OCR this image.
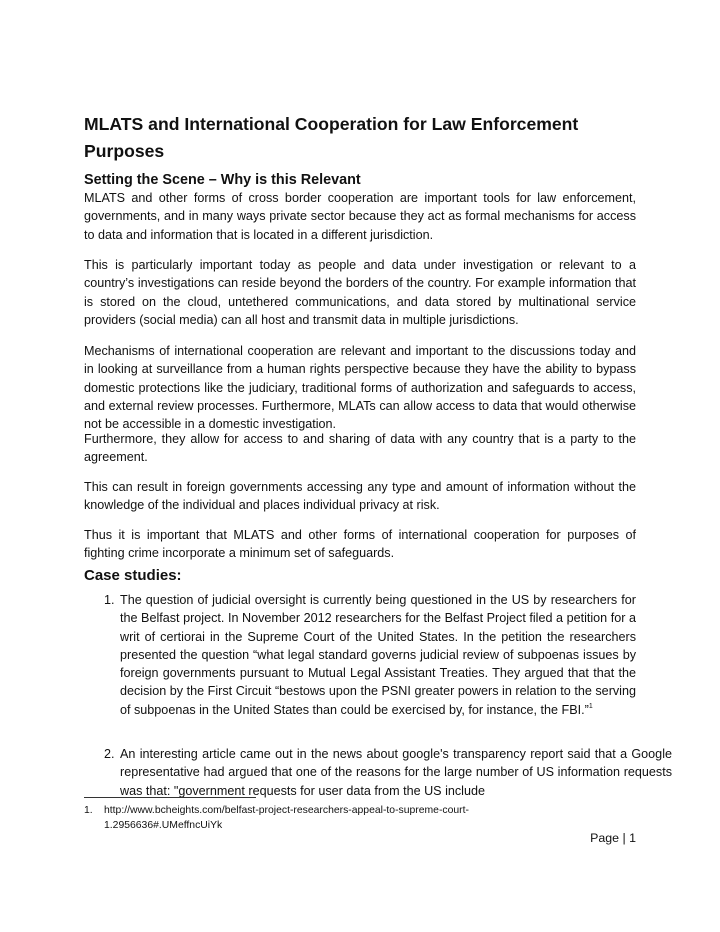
MLATS and International Cooperation for Law Enforcement Purposes
Setting the Scene – Why is this Relevant

MLATS and other forms of cross border cooperation are important tools for law enforcement, governments, and in many ways private sector because they act as formal mechanisms for access to data and information that is located in a different jurisdiction.

This is particularly important today as people and data under investigation or relevant to a country’s investigations can reside beyond the borders of the country. For example information that is stored on the cloud, untethered communications, and data stored by multinational service providers (social media) can all host and transmit data in multiple jurisdictions.

Mechanisms of international cooperation are relevant and important to the discussions today and in looking at surveillance from a human rights perspective because they have the ability to bypass domestic protections like the judiciary, traditional forms of authorization and safeguards to access, and external review processes. Furthermore, MLATs can allow access to data that would otherwise not be accessible in a domestic investigation.

Furthermore, they allow for access to and sharing of data with any country that is a party to the agreement.

This can result in foreign governments accessing any type and amount of information without the knowledge of the individual and places individual privacy at risk.

Thus it is important that MLATS and other forms of international cooperation for purposes of fighting crime incorporate a minimum set of safeguards.

Case studies:
1. The question of judicial oversight is currently being questioned in the US by researchers for the Belfast project. In November 2012 researchers for the Belfast Project filed a petition for a writ of certiorai in the Supreme Court of the United States. In the petition the researchers presented the question “what legal standard governs judicial review of subpoenas issues by foreign governments pursuant to Mutual Legal Assistant Treaties. They argued that that the decision by the First Circuit “bestows upon the PSNI greater powers in relation to the serving of subpoenas in the United States than could be exercised by, for instance, the FBI.”$^1$
2. An interesting article came out in the news about google's transparency report said that a Google representative had argued that one of the reasons for the large number of US information requests was that: "government requests for user data from the US include
1. http://www.bcheights.com/belfast-project-researchers-appeal-to-supreme-court-
1.2956636#.UMeffncUiYk
Page | 1
